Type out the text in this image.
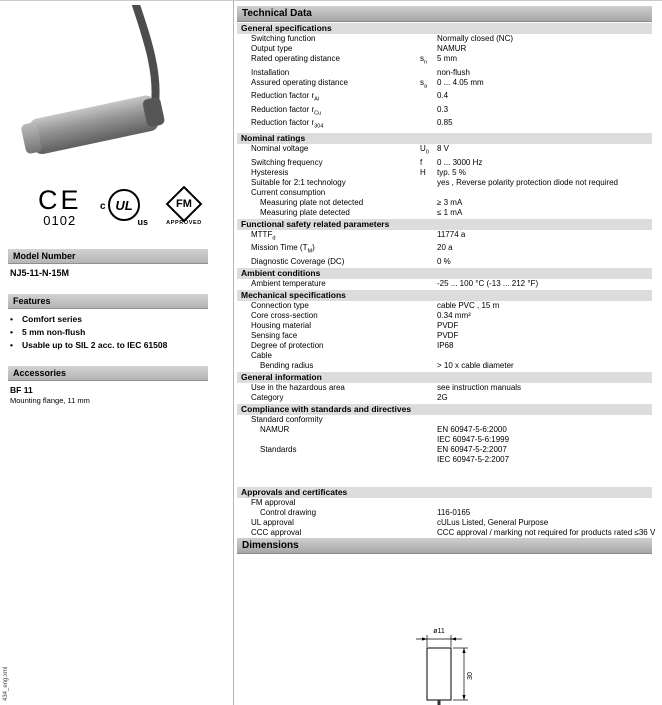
CE
0102
c UL
us
FM
APPROVED
Model Number
NJ5-11-N-15M
Features
•	Comfort series
•	5 mm non-flush
•	Usable up to SIL 2 acc. to IEC 61508
Accessories
BF 11
Mounting flange, 11 mm
Technical Data
General specifications
Switching function	Normally closed (NC)
Output type	NAMUR
Rated operating distance	$s_n$	5 mm
Installation	non-flush
Assured operating distance	$s_a$	0 ... 4.05 mm
Reduction factor $r_{Al}$	0.4
Reduction factor $r_{Cu}$	0.3
Reduction factor $r_{304}$	0.85
Nominal ratings
Nominal voltage	$U_0$	8 V
Switching frequency	f	0 ... 3000 Hz
Hysteresis	H	typ. 5 %
Suitable for 2:1 technology	yes , Reverse polarity protection diode not required
Current consumption
Measuring plate not detected	≥ 3 mA
Measuring plate detected	≤ 1 mA
Functional safety related parameters
$MTTF_d$	11774 a
Mission Time $(T_M)$	20 a
Diagnostic Coverage (DC)	0 %
Ambient conditions
Ambient temperature	-25 ... 100 °C (-13 ... 212 °F)
Mechanical specifications
Connection type	cable PVC , 15 m
Core cross-section	0.34 mm²
Housing material	PVDF
Sensing face	PVDF
Degree of protection	IP68
Cable
Bending radius	> 10 x cable diameter
General information
Use in the hazardous area	see instruction manuals
Category	2G
Compliance with standards and directives
Standard conformity
NAMUR	EN 60947-5-6:2000
IEC 60947-5-6:1999
Standards	EN 60947-5-2:2007
IEC 60947-5-2:2007
Approvals and certificates
FM approval
Control drawing	116-0165
UL approval	cULus Listed, General Purpose
CCC approval	CCC approval / marking not required for products rated ≤36 V
Dimensions
ø11
30
434_eng.xml
